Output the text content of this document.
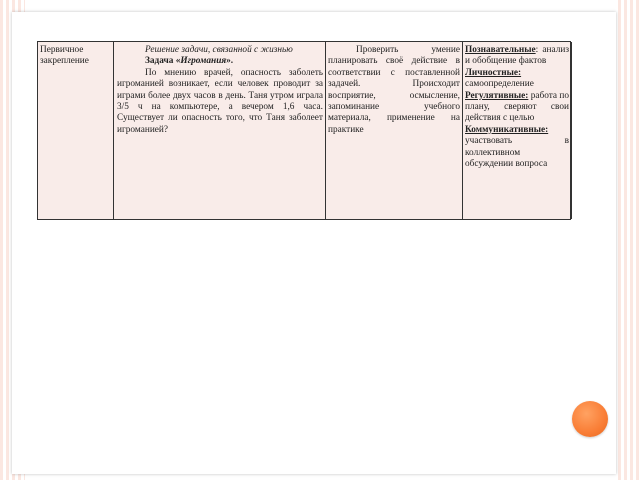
Первичное закрепление

Решение задачи, связанной с жизнью

Задача «Игромания».

По мнению врачей, опасность заболеть игроманией возникает, если человек проводит за играми более двух часов в день. Таня утром играла 3/5 ч на компьютере, а вечером 1,6 часа. Существует ли опасность того, что Таня заболеет игроманией?

Проверить умение планировать своё действие в соответствии с поставленной задачей. Происходит восприятие, осмысление, запоминание учебного материала, применение на практике

Познавательные: анализ и обобщение фактов

Личностные:

самоопределение

Регулятивные: работа по плану, сверяют свои действия с целью

Коммуникативные:

участвовать в коллективном обсуждении вопроса
